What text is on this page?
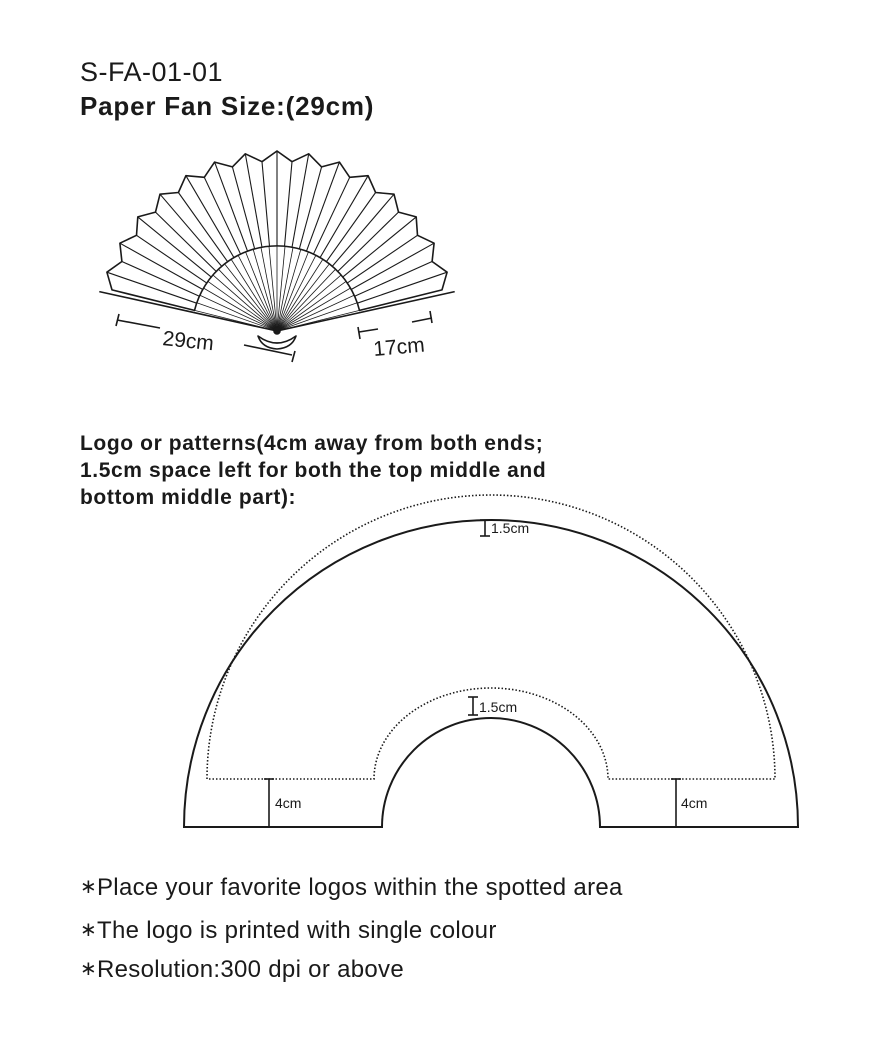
S-FA-01-01
Paper Fan Size:(29cm)
29cm	17cm
1.5cm
1.5cm
4cm	4cm
Logo or patterns(4cm away from both ends;
1.5cm space left for both the top middle and
bottom middle part):
∗Place your favorite logos within the spotted area
∗The logo is printed with single colour
∗Resolution:300 dpi or above
